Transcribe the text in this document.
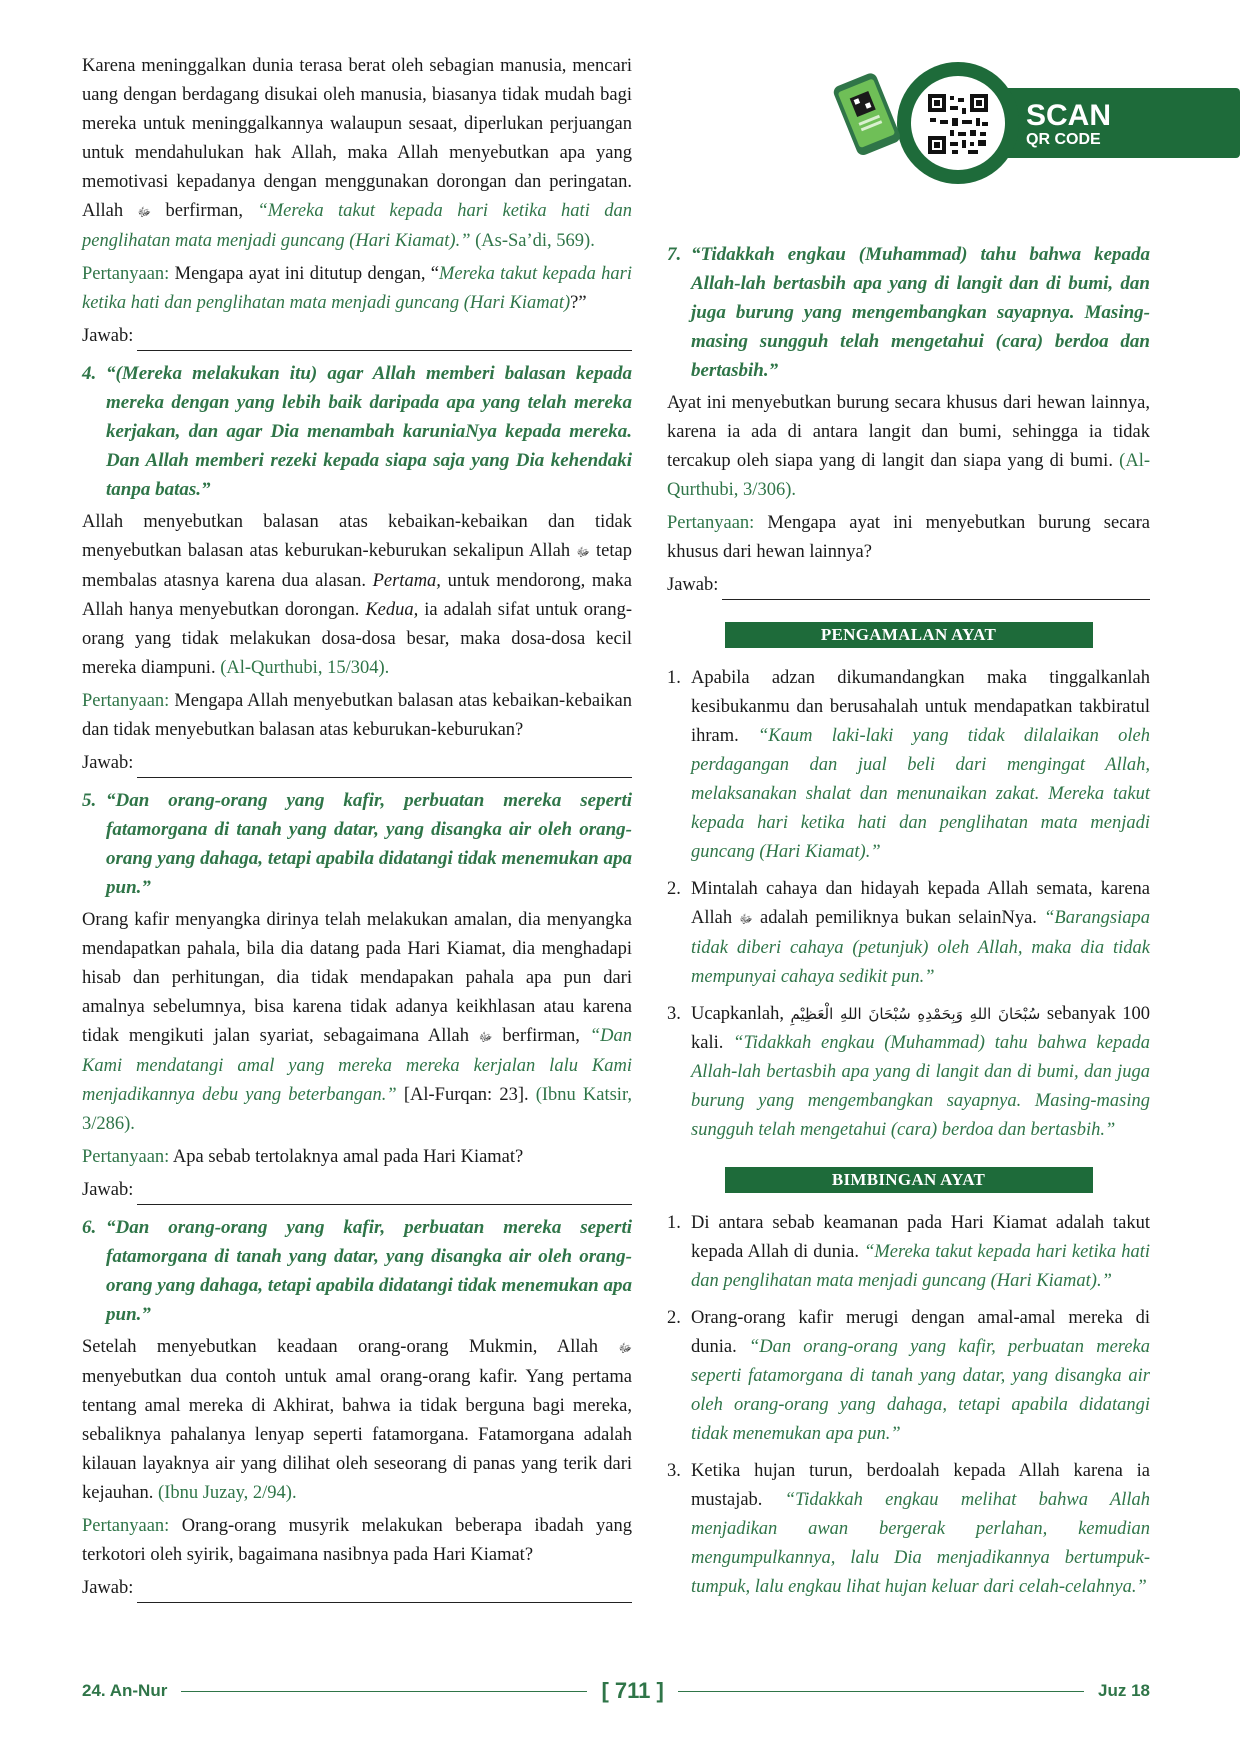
SCAN
QR CODE

Karena meninggalkan dunia terasa berat oleh sebagian manusia, mencari uang dengan berdagang disukai oleh manusia, biasanya tidak mudah bagi mereka untuk meninggalkannya walaupun sesaat, diperlukan perjuangan untuk mendahulukan hak Allah, maka Allah menyebutkan apa yang memotivasi kepadanya dengan menggunakan dorongan dan peringatan. Allah ﷻ berfirman, “Mereka takut kepada hari ketika hati dan penglihatan mata menjadi guncang (Hari Kiamat).” (As-Sa’di, 569).

Pertanyaan: Mengapa ayat ini ditutup dengan, “Mereka takut kepada hari ketika hati dan penglihatan mata menjadi guncang (Hari Kiamat)?”

Jawab:
4. “(Mereka melakukan itu) agar Allah memberi balasan kepada mereka dengan yang lebih baik daripada apa yang telah mereka kerjakan, dan agar Dia menambah karuniaNya kepada mereka. Dan Allah memberi rezeki kepada siapa saja yang Dia kehendaki tanpa batas.”

Allah menyebutkan balasan atas kebaikan-kebaikan dan tidak menyebutkan balasan atas keburukan-keburukan sekalipun Allah ﷻ tetap membalas atasnya karena dua alasan. Pertama, untuk mendorong, maka Allah hanya menyebutkan dorongan. Kedua, ia adalah sifat untuk orang-orang yang tidak melakukan dosa-dosa besar, maka dosa-dosa kecil mereka diampuni. (Al-Qurthubi, 15/304).

Pertanyaan: Mengapa Allah menyebutkan balasan atas kebaikan-kebaikan dan tidak menyebutkan balasan atas keburukan-keburukan?

Jawab:
5. “Dan orang-orang yang kafir, perbuatan mereka seperti fatamorgana di tanah yang datar, yang disangka air oleh orang-orang yang dahaga, tetapi apabila didatangi tidak menemukan apa pun.”

Orang kafir menyangka dirinya telah melakukan amalan, dia menyangka mendapatkan pahala, bila dia datang pada Hari Kiamat, dia menghadapi hisab dan perhitungan, dia tidak mendapakan pahala apa pun dari amalnya sebelumnya, bisa karena tidak adanya keikhlasan atau karena tidak mengikuti jalan syariat, sebagaimana Allah ﷻ berfirman, “Dan Kami mendatangi amal yang mereka mereka kerjalan lalu Kami menjadikannya debu yang beterbangan.” [Al-Furqan: 23]. (Ibnu Katsir, 3/286).

Pertanyaan: Apa sebab tertolaknya amal pada Hari Kiamat?

Jawab:
6. “Dan orang-orang yang kafir, perbuatan mereka seperti fatamorgana di tanah yang datar, yang disangka air oleh orang-orang yang dahaga, tetapi apabila didatangi tidak menemukan apa pun.”

Setelah menyebutkan keadaan orang-orang Mukmin, Allah ﷻ menyebutkan dua contoh untuk amal orang-orang kafir. Yang pertama tentang amal mereka di Akhirat, bahwa ia tidak berguna bagi mereka, sebaliknya pahalanya lenyap seperti fatamorgana. Fatamorgana adalah kilauan layaknya air yang dilihat oleh seseorang di panas yang terik dari kejauhan. (Ibnu Juzay, 2/94).

Pertanyaan: Orang-orang musyrik melakukan beberapa ibadah yang terkotori oleh syirik, bagaimana nasibnya pada Hari Kiamat?

Jawab:
7. “Tidakkah engkau (Muhammad) tahu bahwa kepada Allah-lah bertasbih apa yang di langit dan di bumi, dan juga burung yang mengembangkan sayapnya. Masing-masing sungguh telah mengetahui (cara) berdoa dan bertasbih.”

Ayat ini menyebutkan burung secara khusus dari hewan lainnya, karena ia ada di antara langit dan bumi, sehingga ia tidak tercakup oleh siapa yang di langit dan siapa yang di bumi. (Al-Qurthubi, 3/306).

Pertanyaan: Mengapa ayat ini menyebutkan burung secara khusus dari hewan lainnya?

Jawab:
PENGAMALAN AYAT
1. Apabila adzan dikumandangkan maka tinggalkanlah kesibukanmu dan berusahalah untuk mendapatkan takbiratul ihram. “Kaum laki-laki yang tidak dilalaikan oleh perdagangan dan jual beli dari mengingat Allah, melaksanakan shalat dan menunaikan zakat. Mereka takut kepada hari ketika hati dan penglihatan mata menjadi guncang (Hari Kiamat).”
2. Mintalah cahaya dan hidayah kepada Allah semata, karena Allah ﷻ adalah pemiliknya bukan selainNya. “Barangsiapa tidak diberi cahaya (petunjuk) oleh Allah, maka dia tidak mempunyai cahaya sedikit pun.”
3. Ucapkanlah, سُبْحَانَ اللهِ وَبِحَمْدِهِ سُبْحَانَ اللهِ الْعَظِيْمِ sebanyak 100 kali. “Tidakkah engkau (Muhammad) tahu bahwa kepada Allah-lah bertasbih apa yang di langit dan di bumi, dan juga burung yang mengembangkan sayapnya. Masing-masing sungguh telah mengetahui (cara) berdoa dan bertasbih.”
BIMBINGAN AYAT
1. Di antara sebab keamanan pada Hari Kiamat adalah takut kepada Allah di dunia. “Mereka takut kepada hari ketika hati dan penglihatan mata menjadi guncang (Hari Kiamat).”
2. Orang-orang kafir merugi dengan amal-amal mereka di dunia. “Dan orang-orang yang kafir, perbuatan mereka seperti fatamorgana di tanah yang datar, yang disangka air oleh orang-orang yang dahaga, tetapi apabila didatangi tidak menemukan apa pun.”
3. Ketika hujan turun, berdoalah kepada Allah karena ia mustajab. “Tidakkah engkau melihat bahwa Allah menjadikan awan bergerak perlahan, kemudian mengumpulkannya, lalu Dia menjadikannya bertumpuk-tumpuk, lalu engkau lihat hujan keluar dari celah-celahnya.”
24. An-Nur	[ 711 ]	Juz 18
